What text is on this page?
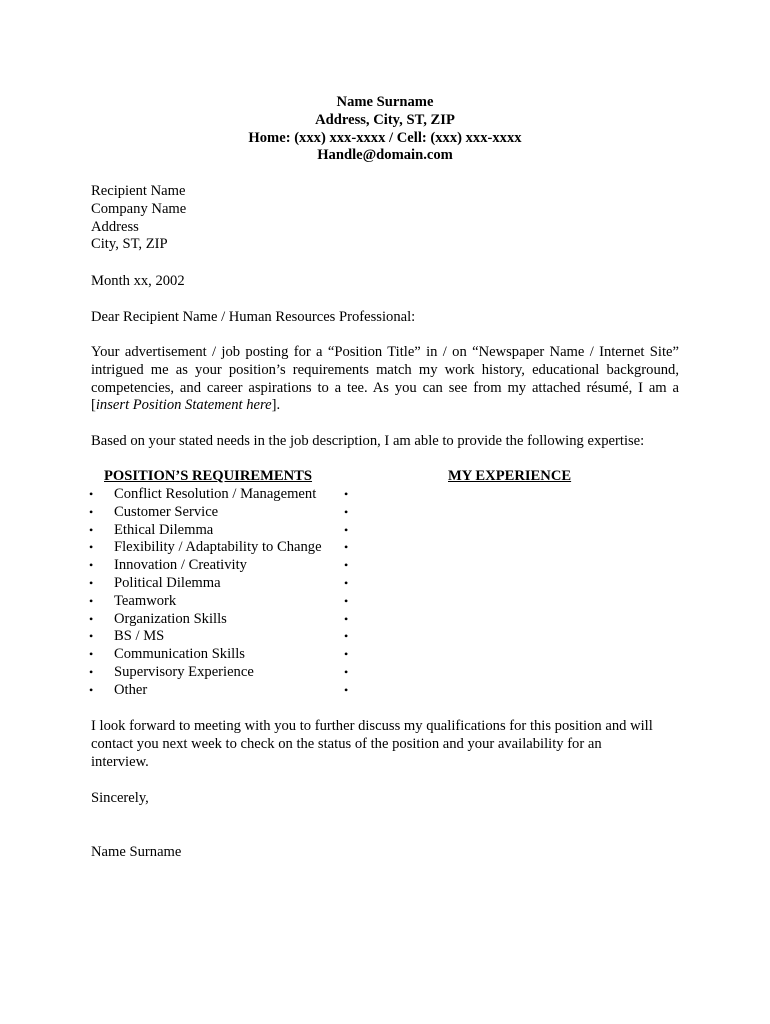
Name Surname
Address, City, ST, ZIP
Home: (xxx) xxx-xxxx / Cell: (xxx) xxx-xxxx
Handle@domain.com
Recipient Name
Company Name
Address
City, ST, ZIP
Month xx, 2002
Dear Recipient Name / Human Resources Professional:
Your advertisement / job posting for a “Position Title” in / on “Newspaper Name / Internet Site”
intrigued me as your position’s requirements match my work history, educational background,
competencies, and career aspirations to a tee. As you can see from my attached résumé, I am a
[insert Position Statement here].
Based on your stated needs in the job description, I am able to provide the following expertise:
POSITION’S REQUIREMENTS	MY EXPERIENCE
• Conflict Resolution / Management •
• Customer Service	•
• Ethical Dilemma	•
• Flexibility / Adaptability to Change •
• Innovation / Creativity	•
• Political Dilemma	•
• Teamwork	•
• Organization Skills	•
• BS / MS	•
• Communication Skills	•
• Supervisory Experience	•
• Other	•
I look forward to meeting with you to further discuss my qualifications for this position and will
contact you next week to check on the status of the position and your availability for an
interview.
Sincerely,
Name Surname
